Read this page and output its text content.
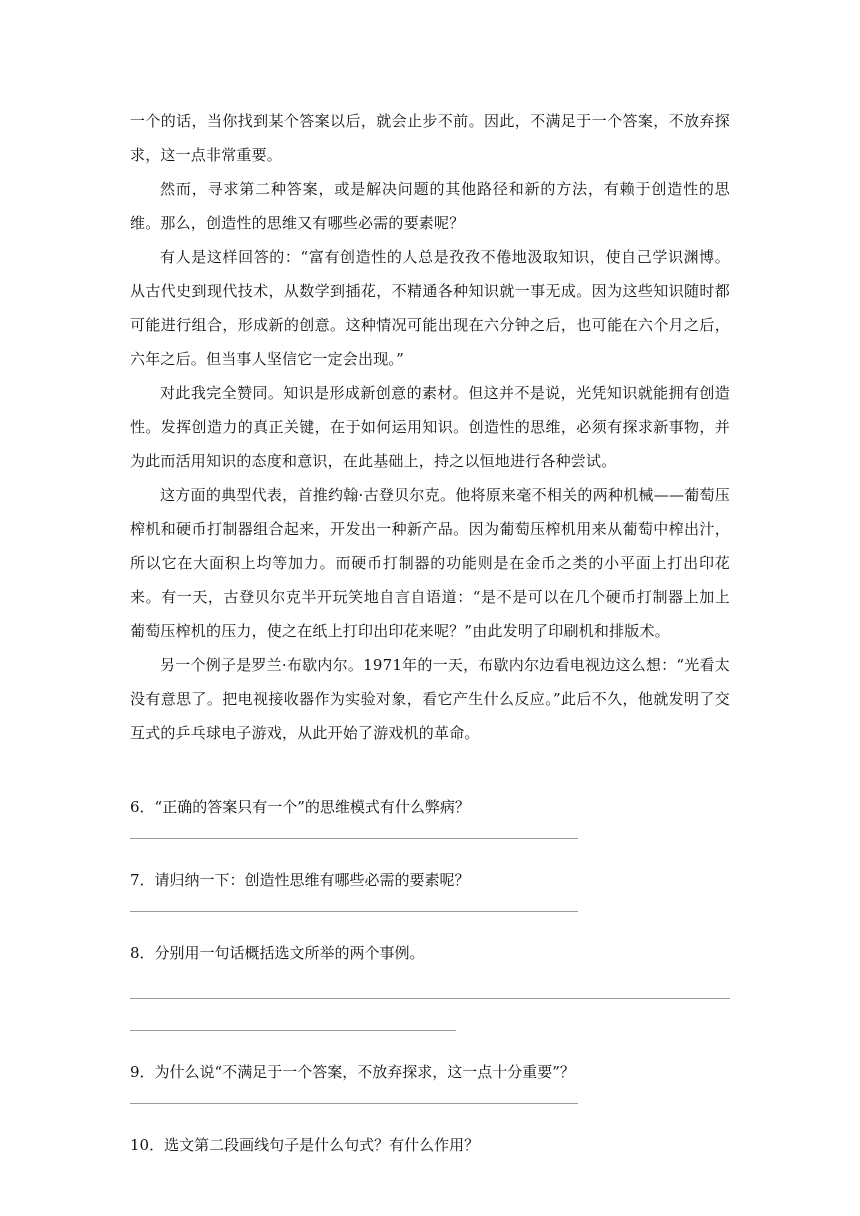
一个的话，当你找到某个答案以后，就会止步不前。因此，不满足于一个答案，不放弃探求，这一点非常重要。

然而，寻求第二种答案，或是解决问题的其他路径和新的方法，有赖于创造性的思维。那么，创造性的思维又有哪些必需的要素呢？

有人是这样回答的：“富有创造性的人总是孜孜不倦地汲取知识，使自己学识渊博。从古代史到现代技术，从数学到插花，不精通各种知识就一事无成。因为这些知识随时都可能进行组合，形成新的创意。这种情况可能出现在六分钟之后，也可能在六个月之后，六年之后。但当事人坚信它一定会出现。”

对此我完全赞同。知识是形成新创意的素材。但这并不是说，光凭知识就能拥有创造性。发挥创造力的真正关键，在于如何运用知识。创造性的思维，必须有探求新事物，并为此而活用知识的态度和意识，在此基础上，持之以恒地进行各种尝试。

这方面的典型代表，首推约翰·古登贝尔克。他将原来毫不相关的两种机械——葡萄压榨机和硬币打制器组合起来，开发出一种新产品。因为葡萄压榨机用来从葡萄中榨出汁，所以它在大面积上均等加力。而硬币打制器的功能则是在金币之类的小平面上打出印花来。有一天，古登贝尔克半开玩笑地自言自语道：“是不是可以在几个硬币打制器上加上葡萄压榨机的压力，使之在纸上打印出印花来呢？”由此发明了印刷机和排版术。

另一个例子是罗兰·布歇内尔。1971年的一天，布歇内尔边看电视边这么想：“光看太没有意思了。把电视接收器作为实验对象，看它产生什么反应。”此后不久，他就发明了交互式的乒乓球电子游戏，从此开始了游戏机的革命。

6．“正确的答案只有一个”的思维模式有什么弊病？

7．请归纳一下：创造性思维有哪些必需的要素呢？

8．分别用一句话概括选文所举的两个事例。

9．为什么说“不满足于一个答案，不放弃探求，这一点十分重要”？

10．选文第二段画线句子是什么句式？有什么作用？
